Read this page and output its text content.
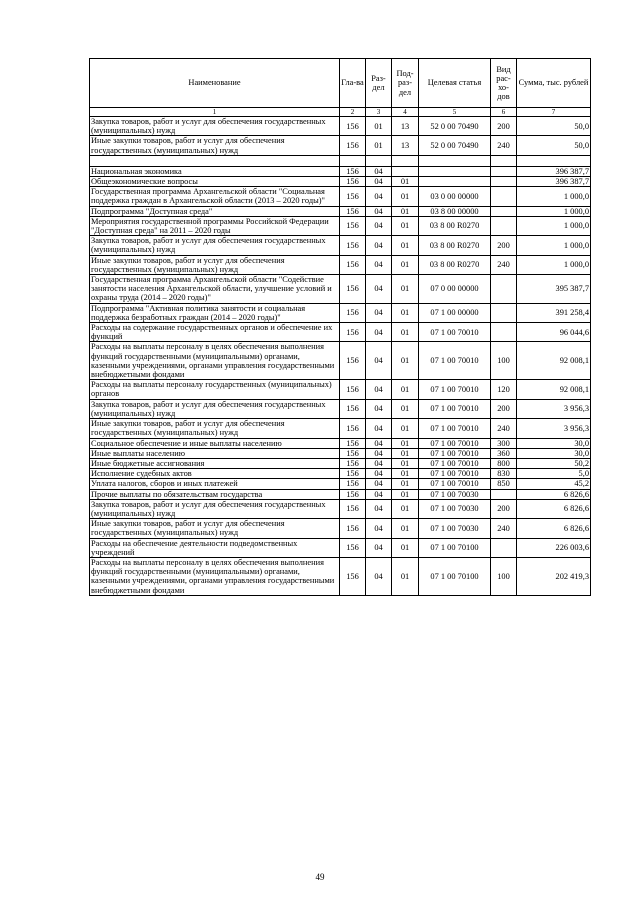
Наименование	Гла-ва	Раз-дел	Под-раз-дел	Целевая статья	Вид рас-хо-дов	Сумма, тыс. рублей
1	2	3	4	5	6	7
Закупка товаров, работ и услуг для обеспечения государственных (муниципальных) нужд	156	01	13	52 0 00 70490	200	50,0
Иные закупки товаров, работ и услуг для обеспечения государственных (муниципальных) нужд	156	01	13	52 0 00 70490	240	50,0

Национальная экономика	156	04				396 387,7
Общеэкономические вопросы	156	04	01			396 387,7
Государственная программа Архангельской области "Социальная поддержка граждан в Архангельской области (2013 – 2020 годы)"	156	04	01	03 0 00 00000		1 000,0
Подпрограмма "Доступная среда"	156	04	01	03 8 00 00000		1 000,0
Мероприятия государственной программы Российской Федерации "Доступная среда" на 2011 – 2020 годы	156	04	01	03 8 00 R0270		1 000,0
Закупка товаров, работ и услуг для обеспечения государственных (муниципальных) нужд	156	04	01	03 8 00 R0270	200	1 000,0
Иные закупки товаров, работ и услуг для обеспечения государственных (муниципальных) нужд	156	04	01	03 8 00 R0270	240	1 000,0
Государственная программа Архангельской области "Содействие занятости населения Архангельской области, улучшение условий и охраны труда (2014 – 2020 годы)"	156	04	01	07 0 00 00000		395 387,7
Подпрограмма "Активная политика занятости и социальная поддержка безработных граждан (2014 – 2020 годы)"	156	04	01	07 1 00 00000		391 258,4
Расходы на содержание государственных органов и обеспечение их функций	156	04	01	07 1 00 70010		96 044,6
Расходы на выплаты персоналу в целях обеспечения выполнения функций государственными (муниципальными) органами, казенными учреждениями, органами управления государственными внебюджетными фондами	156	04	01	07 1 00 70010	100	92 008,1
Расходы на выплаты персоналу государственных (муниципальных) органов	156	04	01	07 1 00 70010	120	92 008,1
Закупка товаров, работ и услуг для обеспечения государственных (муниципальных) нужд	156	04	01	07 1 00 70010	200	3 956,3
Иные закупки товаров, работ и услуг для обеспечения государственных (муниципальных) нужд	156	04	01	07 1 00 70010	240	3 956,3
Социальное обеспечение и иные выплаты населению	156	04	01	07 1 00 70010	300	30,0
Иные выплаты населению	156	04	01	07 1 00 70010	360	30,0
Иные бюджетные ассигнования	156	04	01	07 1 00 70010	800	50,2
Исполнение судебных актов	156	04	01	07 1 00 70010	830	5,0
Уплата налогов, сборов и иных платежей	156	04	01	07 1 00 70010	850	45,2
Прочие выплаты по обязательствам государства	156	04	01	07 1 00 70030		6 826,6
Закупка товаров, работ и услуг для обеспечения государственных (муниципальных) нужд	156	04	01	07 1 00 70030	200	6 826,6
Иные закупки товаров, работ и услуг для обеспечения государственных (муниципальных) нужд	156	04	01	07 1 00 70030	240	6 826,6
Расходы на обеспечение деятельности подведомственных учреждений	156	04	01	07 1 00 70100		226 003,6
Расходы на выплаты персоналу в целях обеспечения выполнения функций государственными (муниципальными) органами, казенными учреждениями, органами управления государственными внебюджетными фондами	156	04	01	07 1 00 70100	100	202 419,3
49
